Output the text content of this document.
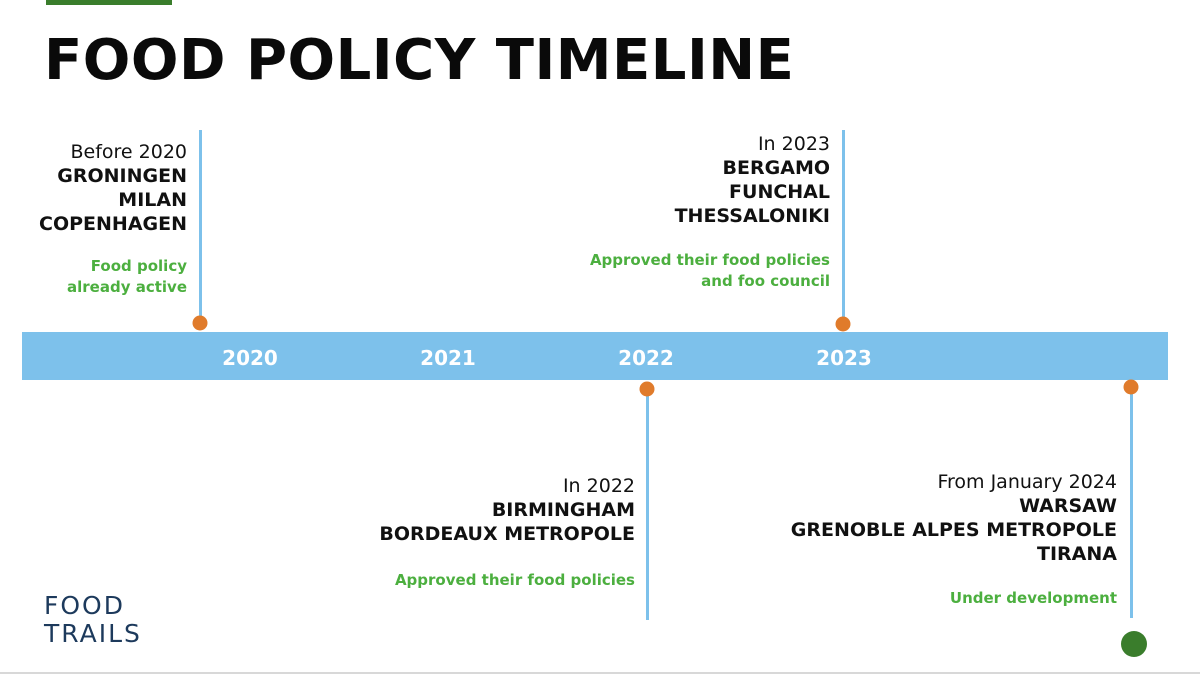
FOOD POLICY TIMELINE
2020	2021	2022	2023
Before 2020
GRONINGEN
MILAN
COPENHAGEN
Food policy
already active
In 2023
BERGAMO
FUNCHAL
THESSALONIKI
Approved their food policies
and foo council
In 2022
BIRMINGHAM
BORDEAUX METROPOLE
Approved their food policies
From January 2024
WARSAW
GRENOBLE ALPES METROPOLE
TIRANA
Under development
FOOD
TRAILS
